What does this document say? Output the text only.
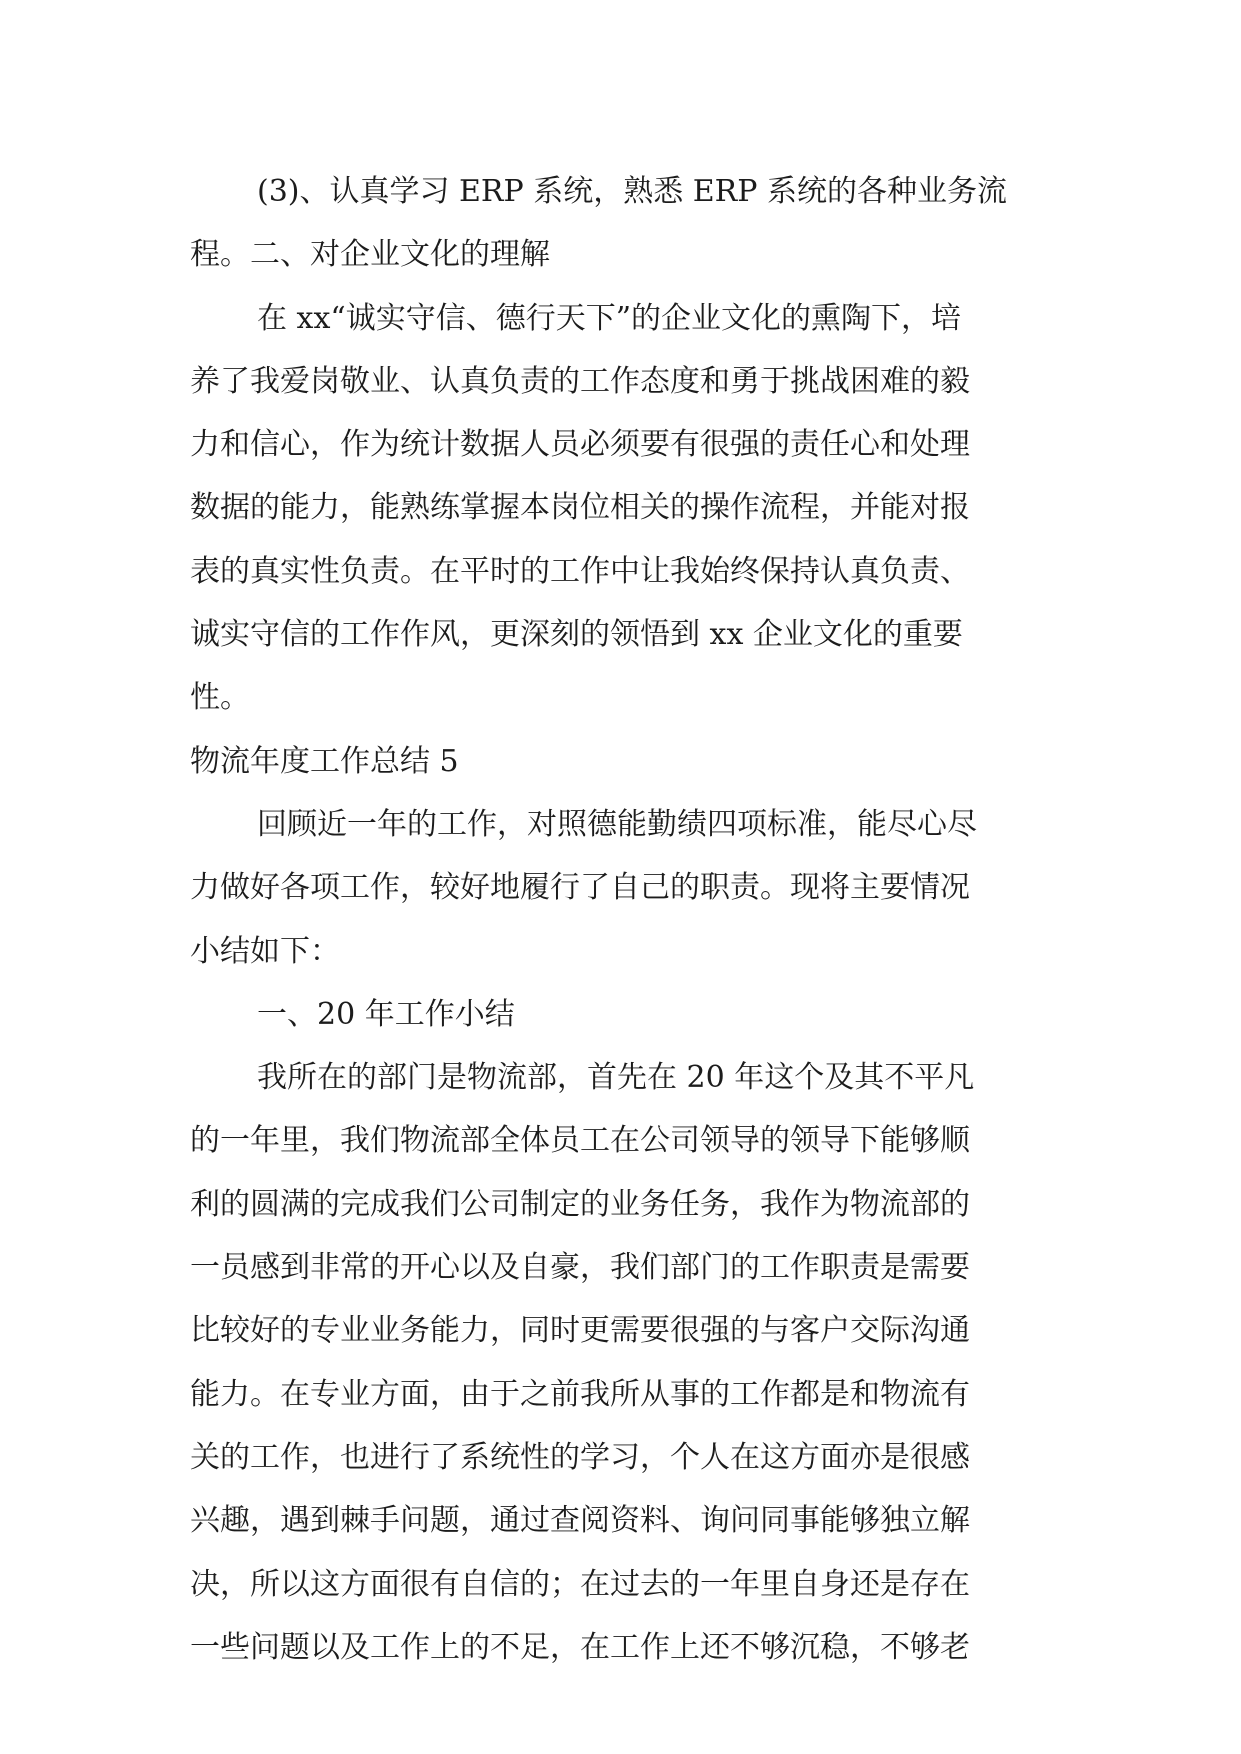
(3)、认真学习 ERP 系统，熟悉 ERP 系统的各种业务流
程。二、对企业文化的理解
在 xx“诚实守信、德行天下”的企业文化的熏陶下，培
养了我爱岗敬业、认真负责的工作态度和勇于挑战困难的毅
力和信心，作为统计数据人员必须要有很强的责任心和处理
数据的能力，能熟练掌握本岗位相关的操作流程，并能对报
表的真实性负责。在平时的工作中让我始终保持认真负责、
诚实守信的工作作风，更深刻的领悟到 xx 企业文化的重要
性。
物流年度工作总结 5
回顾近一年的工作，对照德能勤绩四项标准，能尽心尽
力做好各项工作，较好地履行了自己的职责。现将主要情况
小结如下：
一、20 年工作小结
我所在的部门是物流部，首先在 20 年这个及其不平凡
的一年里，我们物流部全体员工在公司领导的领导下能够顺
利的圆满的完成我们公司制定的业务任务，我作为物流部的
一员感到非常的开心以及自豪，我们部门的工作职责是需要
比较好的专业业务能力，同时更需要很强的与客户交际沟通
能力。在专业方面，由于之前我所从事的工作都是和物流有
关的工作，也进行了系统性的学习，个人在这方面亦是很感
兴趣，遇到棘手问题，通过查阅资料、询问同事能够独立解
决，所以这方面很有自信的；在过去的一年里自身还是存在
一些问题以及工作上的不足，在工作上还不够沉稳，不够老
